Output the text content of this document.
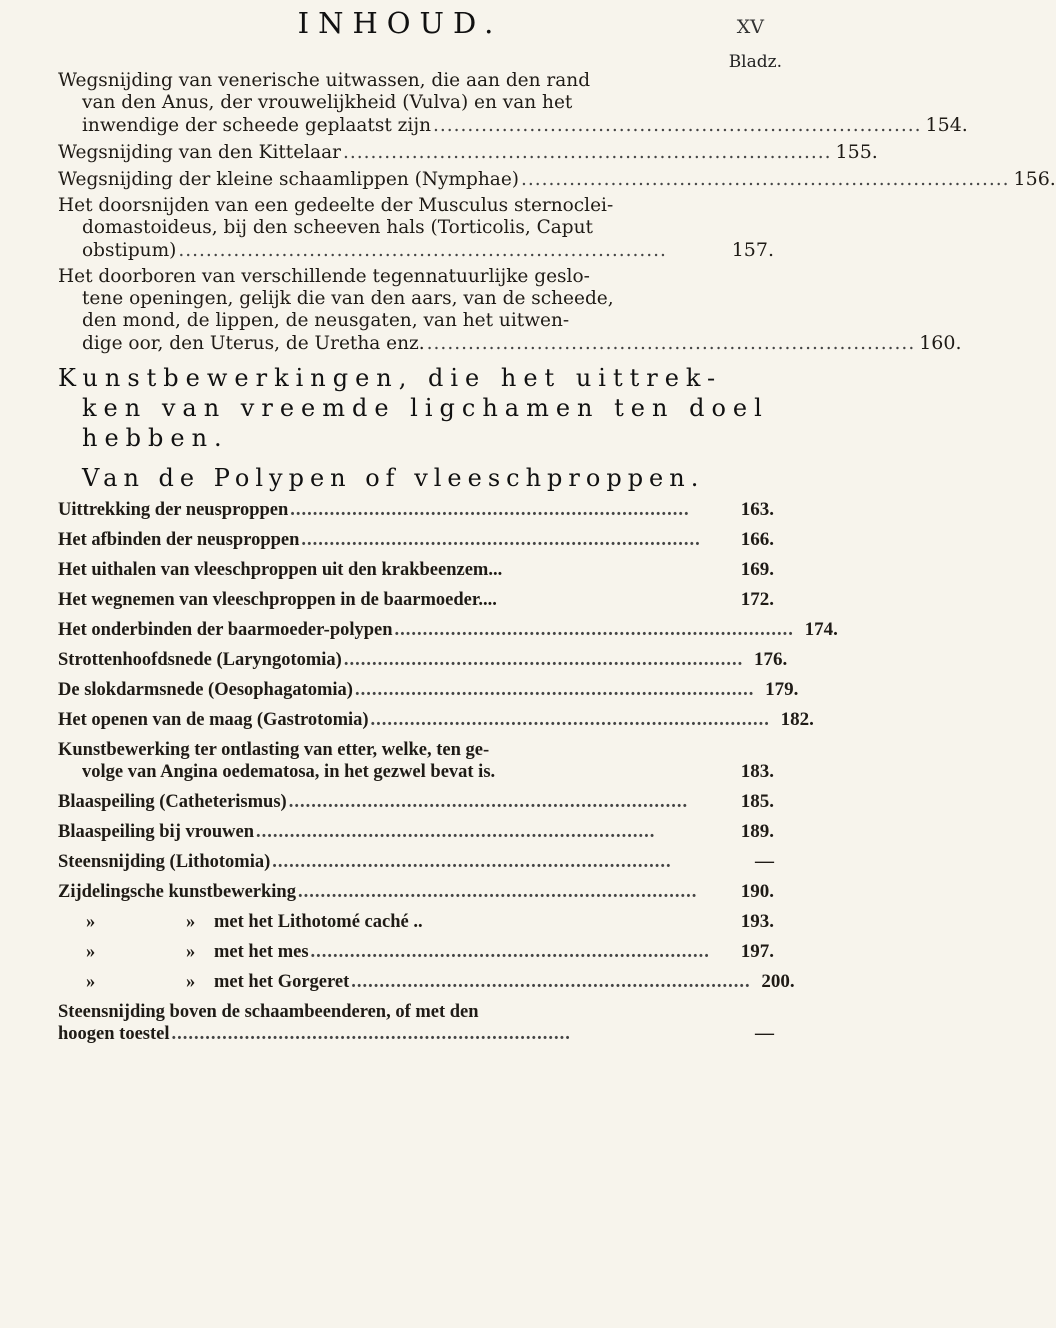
INHOUD.	XV
Bladz.
Wegsnijding van venerische uitwassen, die aan den rand
van den Anus, der vrouwelijkheid (Vulva) en van het
inwendige der scheede geplaatst zijn ....................................................................... 154.
Wegsnijding van den Kittelaar ....................................................................... 155.
Wegsnijding der kleine schaamlippen (Nymphae) ....................................................................... 156.
Het doorsnijden van een gedeelte der Musculus sternoclei-
domastoideus, bij den scheeven hals (Torticolis, Caput
obstipum) .......................................................................	157.
Het doorboren van verschillende tegennatuurlijke geslo-
tene openingen, gelijk die van den aars, van de scheede,
den mond, de lippen, de neusgaten, van het uitwen-
dige oor, den Uterus, de Uretha enz. ....................................................................... 160.
Kunstbewerkingen, die het uittrek-
ken van vreemde ligchamen ten doel
hebben.
Van de Polypen of vleeschproppen.
Uittrekking der neusproppen .......................................................................	163.
Het afbinden der neusproppen .......................................................................	166.
Het uithalen van vleeschproppen uit den krakbeenzem...	169.
Het wegnemen van vleeschproppen in de baarmoeder....	172.
Het onderbinden der baarmoeder-polypen ....................................................................... 174.
Strottenhoofdsnede (Laryngotomia) ....................................................................... 176.
De slokdarmsnede (Oesophagatomia) ....................................................................... 179.
Het openen van de maag (Gastrotomia) ....................................................................... 182.
Kunstbewerking ter ontlasting van etter, welke, ten ge-
volge van Angina oedematosa, in het gezwel bevat is.	183.
Blaaspeiling (Catheterismus) .......................................................................	185.
Blaaspeiling bij vrouwen .......................................................................	189.
Steensnijding (Lithotomia) .......................................................................	—
Zijdelingsche kunstbewerking .......................................................................	190.
»	»	met het Lithotomé caché ..	193.
»	»	met het mes .......................................................................	197.
»	»	met het Gorgeret ....................................................................... 200.
Steensnijding boven de schaambeenderen, of met den
hoogen toestel .......................................................................	—
